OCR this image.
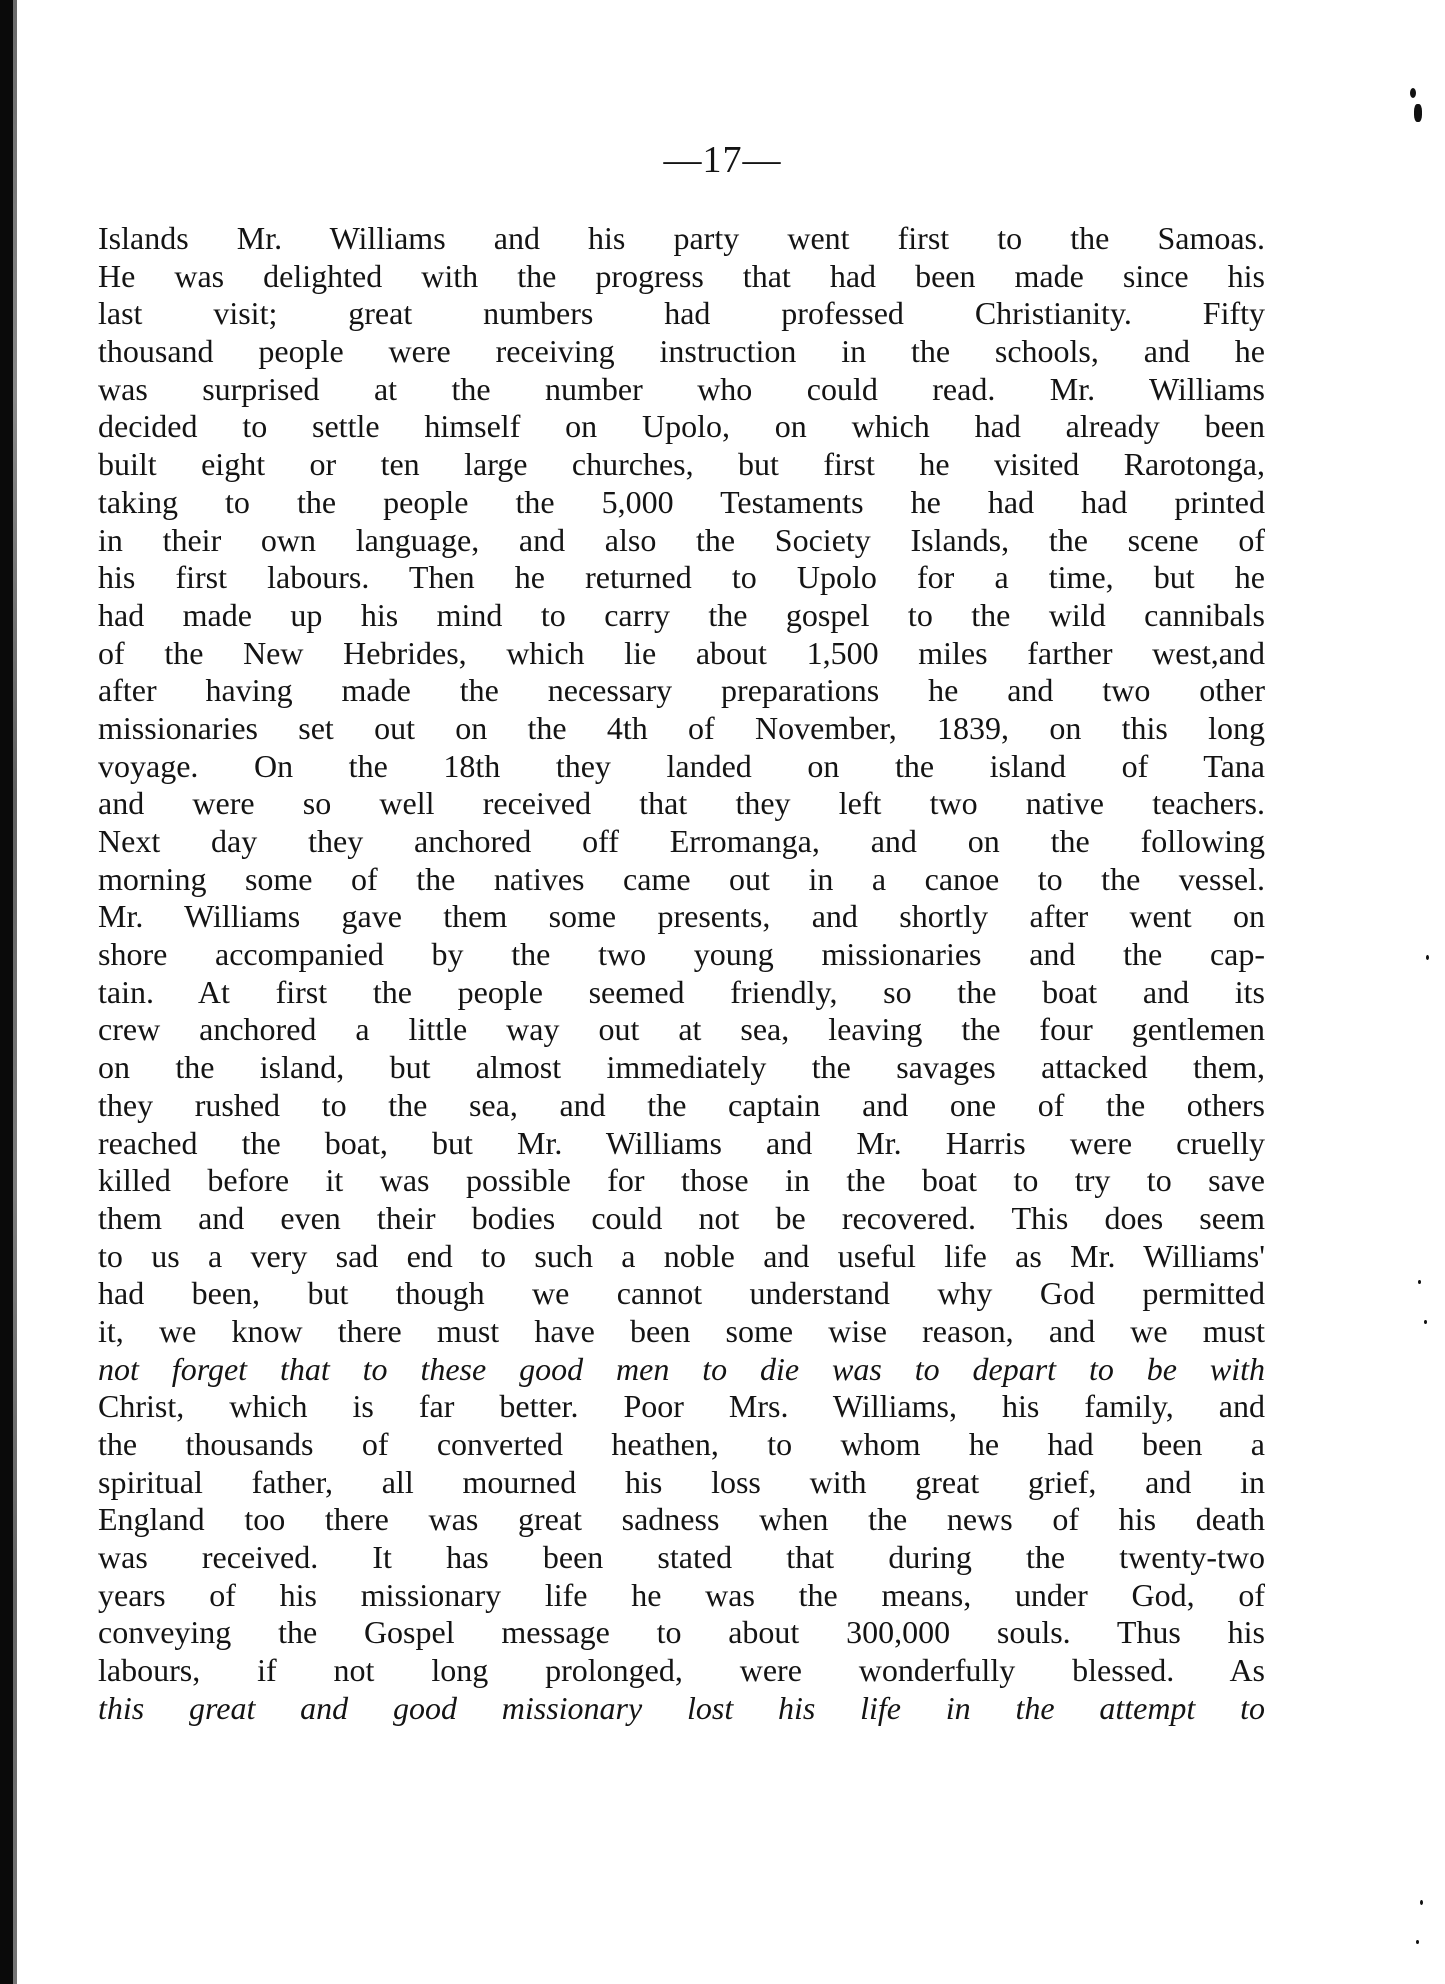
—17—
Islands Mr. Williams and his party went first to the Samoas.
He was delighted with the progress that had been made since his
last visit; great numbers had professed Christianity. Fifty
thousand people were receiving instruction in the schools, and he
was surprised at the number who could read. Mr. Williams
decided to settle himself on Upolo, on which had already been
built eight or ten large churches, but first he visited Rarotonga,
taking to the people the 5,000 Testaments he had had printed
in their own language, and also the Society Islands, the scene of
his first labours. Then he returned to Upolo for a time, but he
had made up his mind to carry the gospel to the wild cannibals
of the New Hebrides, which lie about 1,500 miles farther west,and
after having made the necessary preparations he and two other
missionaries set out on the 4th of November, 1839, on this long
voyage. On the 18th they landed on the island of Tana
and were so well received that they left two native teachers.
Next day they anchored off Erromanga, and on the following
morning some of the natives came out in a canoe to the vessel.
Mr. Williams gave them some presents, and shortly after went on
shore accompanied by the two young missionaries and the cap-
tain. At first the people seemed friendly, so the boat and its
crew anchored a little way out at sea, leaving the four gentlemen
on the island, but almost immediately the savages attacked them,
they rushed to the sea, and the captain and one of the others
reached the boat, but Mr. Williams and Mr. Harris were cruelly
killed before it was possible for those in the boat to try to save
them and even their bodies could not be recovered. This does seem
to us a very sad end to such a noble and useful life as Mr. Williams'
had been, but though we cannot understand why God permitted
it, we know there must have been some wise reason, and we must
not forget that to these good men to die was to depart to be with
Christ, which is far better. Poor Mrs. Williams, his family, and
the thousands of converted heathen, to whom he had been a
spiritual father, all mourned his loss with great grief, and in
England too there was great sadness when the news of his death
was received. It has been stated that during the twenty-two
years of his missionary life he was the means, under God, of
conveying the Gospel message to about 300,000 souls. Thus his
labours, if not long prolonged, were wonderfully blessed. As
this great and good missionary lost his life in the attempt to
